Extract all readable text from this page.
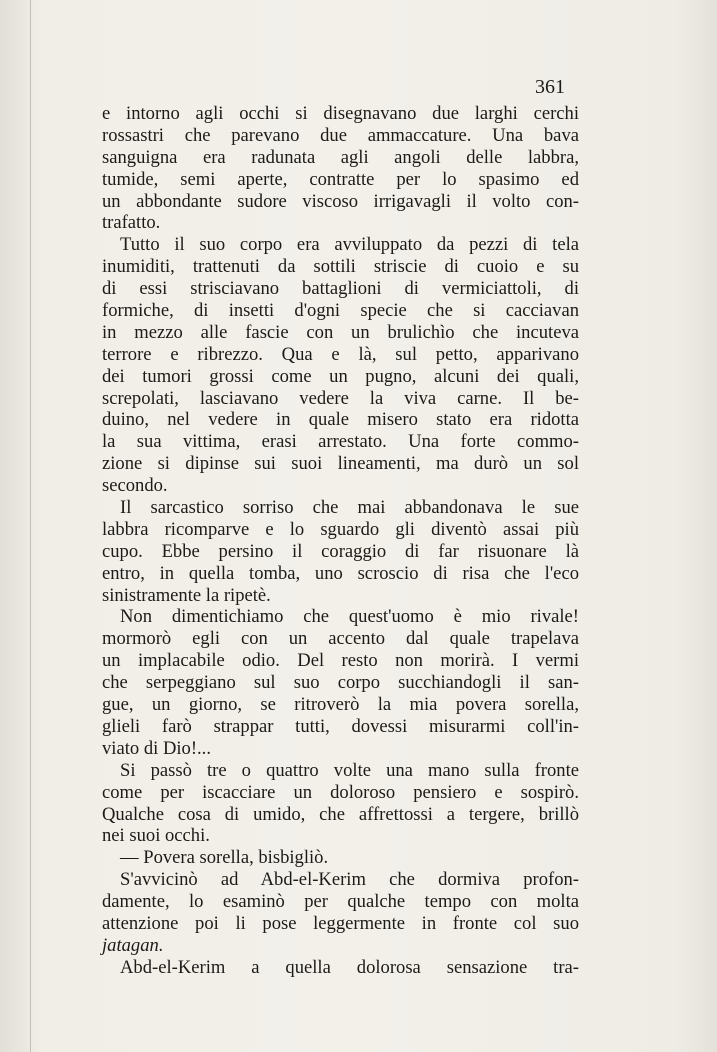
361
e intorno agli occhi si disegnavano due larghi cerchi
rossastri che parevano due ammaccature. Una bava
sanguigna era radunata agli angoli delle labbra,
tumide, semi aperte, contratte per lo spasimo ed
un abbondante sudore viscoso irrigavagli il volto con-
trafatto.
Tutto il suo corpo era avviluppato da pezzi di tela
inumiditi, trattenuti da sottili striscie di cuoio e su
di essi strisciavano battaglioni di vermiciattoli, di
formiche, di insetti d'ogni specie che si cacciavan
in mezzo alle fascie con un brulichìo che incuteva
terrore e ribrezzo. Qua e là, sul petto, apparivano
dei tumori grossi come un pugno, alcuni dei quali,
screpolati, lasciavano vedere la viva carne. Il be-
duino, nel vedere in quale misero stato era ridotta
la sua vittima, erasi arrestato. Una forte commo-
zione si dipinse sui suoi lineamenti, ma durò un sol
secondo.
Il sarcastico sorriso che mai abbandonava le sue
labbra ricomparve e lo sguardo gli diventò assai più
cupo. Ebbe persino il coraggio di far risuonare là
entro, in quella tomba, uno scroscio di risa che l'eco
sinistramente la ripetè.
Non dimentichiamo che quest'uomo è mio rivale!
mormorò egli con un accento dal quale trapelava
un implacabile odio. Del resto non morirà. I vermi
che serpeggiano sul suo corpo succhiandogli il san-
gue, un giorno, se ritroverò la mia povera sorella,
glieli farò strappar tutti, dovessi misurarmi coll'in-
viato di Dio!...
Si passò tre o quattro volte una mano sulla fronte
come per iscacciare un doloroso pensiero e sospirò.
Qualche cosa di umido, che affrettossi a tergere, brillò
nei suoi occhi.
— Povera sorella, bisbigliò.
S'avvicinò ad Abd-el-Kerim che dormiva profon-
damente, lo esaminò per qualche tempo con molta
attenzione poi li pose leggermente in fronte col suo
jatagan.
Abd-el-Kerim a quella dolorosa sensazione tra-
